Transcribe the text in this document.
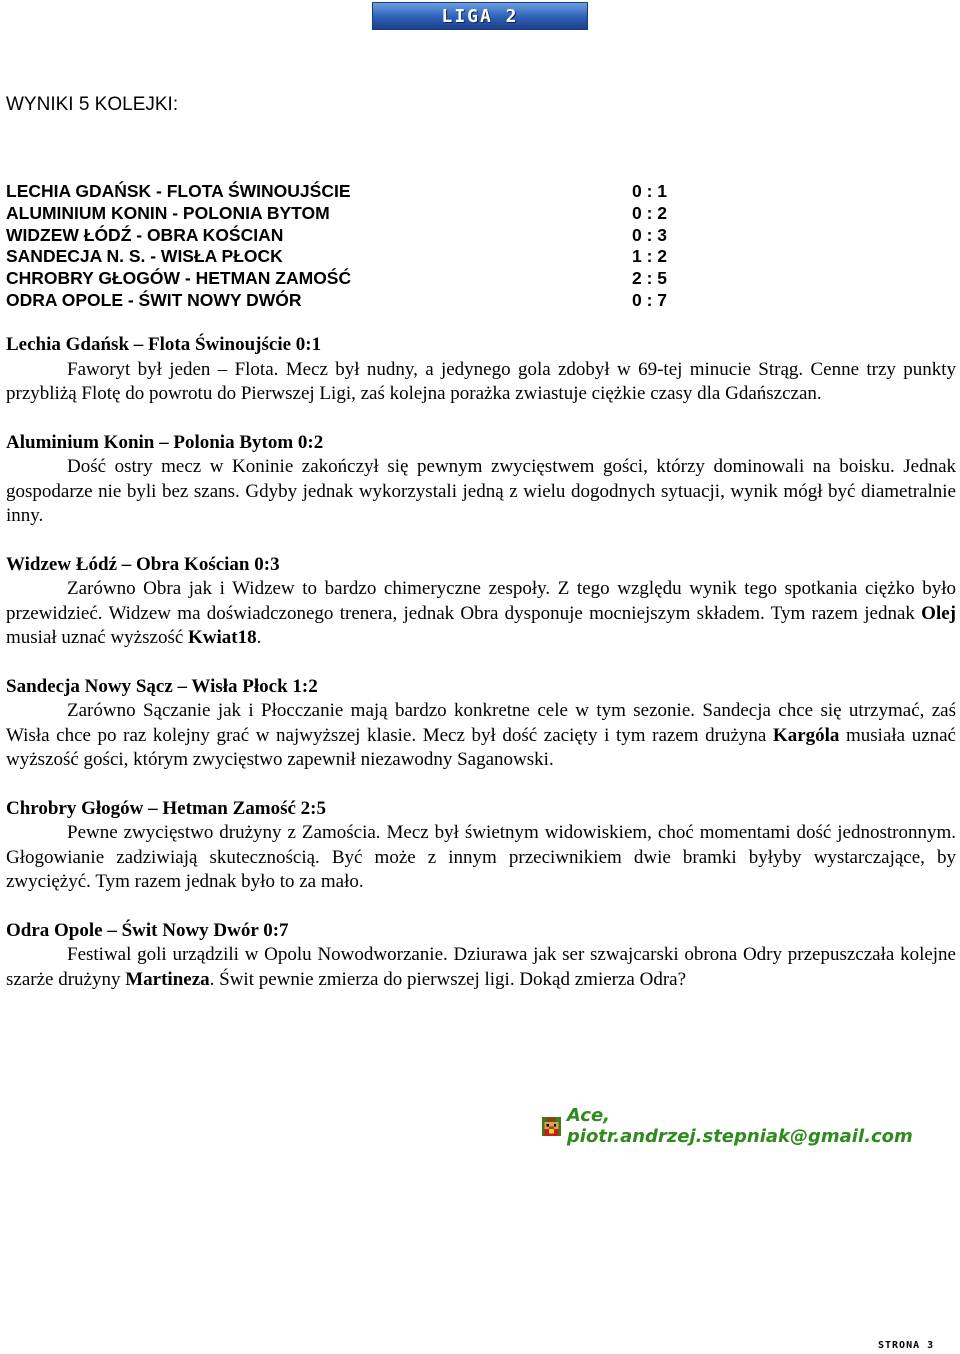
LIGA 2
WYNIKI 5 KOLEJKI:
LECHIA GDAŃSK - FLOTA ŚWINOUJŚCIE	0 : 1
ALUMINIUM KONIN - POLONIA BYTOM	0 : 2
WIDZEW ŁÓDŹ - OBRA KOŚCIAN	0 : 3
SANDECJA N. S. - WISŁA PŁOCK	1 : 2
CHROBRY GŁOGÓW - HETMAN ZAMOŚĆ	2 : 5
ODRA OPOLE - ŚWIT NOWY DWÓR	0 : 7

Lechia Gdańsk – Flota Świnoujście 0:1

Faworyt był jeden – Flota. Mecz był nudny, a jedynego gola zdobył w 69-tej minucie Strąg. Cenne trzy punkty przybliżą Flotę do powrotu do Pierwszej Ligi, zaś kolejna porażka zwiastuje ciężkie czasy dla Gdańszczan.

Aluminium Konin – Polonia Bytom 0:2

Dość ostry mecz w Koninie zakończył się pewnym zwycięstwem gości, którzy dominowali na boisku. Jednak gospodarze nie byli bez szans. Gdyby jednak wykorzystali jedną z wielu dogodnych sytuacji, wynik mógł być diametralnie inny.

Widzew Łódź – Obra Kościan 0:3

Zarówno Obra jak i Widzew to bardzo chimeryczne zespoły. Z tego względu wynik tego spotkania ciężko było przewidzieć. Widzew ma doświadczonego trenera, jednak Obra dysponuje mocniejszym składem. Tym razem jednak Olej musiał uznać wyższość Kwiat18.

Sandecja Nowy Sącz – Wisła Płock 1:2

Zarówno Sączanie jak i Płocczanie mają bardzo konkretne cele w tym sezonie. Sandecja chce się utrzymać, zaś Wisła chce po raz kolejny grać w najwyższej klasie. Mecz był dość zacięty i tym razem drużyna Kargóla musiała uznać wyższość gości, którym zwycięstwo zapewnił niezawodny Saganowski.

Chrobry Głogów – Hetman Zamość 2:5

Pewne zwycięstwo drużyny z Zamościa. Mecz był świetnym widowiskiem, choć momentami dość jednostronnym. Głogowianie zadziwiają skutecznością. Być może z innym przeciwnikiem dwie bramki byłyby wystarczające, by zwyciężyć. Tym razem jednak było to za mało.

Odra Opole – Świt Nowy Dwór 0:7

Festiwal goli urządzili w Opolu Nowodworzanie. Dziurawa jak ser szwajcarski obrona Odry przepuszczała kolejne szarże drużyny Martineza. Świt pewnie zmierza do pierwszej ligi. Dokąd zmierza Odra?

Ace, piotr.andrzej.stepniak@gmail.com
STRONA 3
